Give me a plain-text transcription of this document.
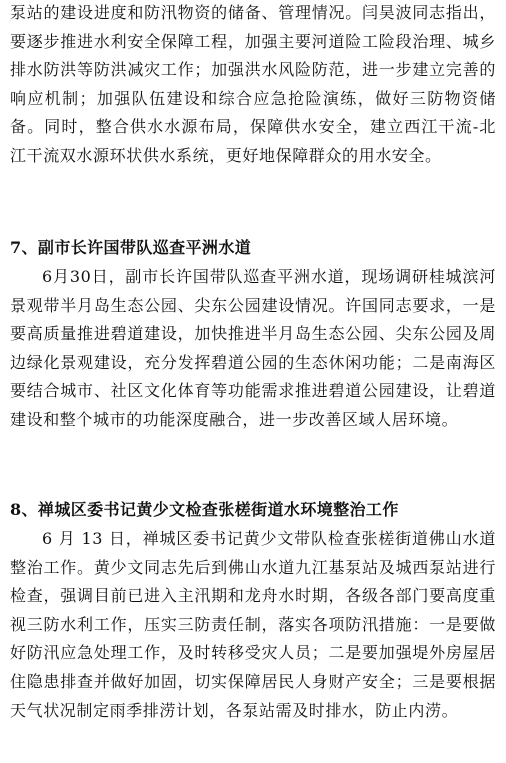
泵站的建设进度和防汛物资的储备、管理情况。闫昊波同志指出，要逐步推进水利安全保障工程，加强主要河道险工险段治理、城乡排水防洪等防洪减灾工作；加强洪水风险防范，进一步建立完善的响应机制；加强队伍建设和综合应急抢险演练，做好三防物资储备。同时，整合供水水源布局，保障供水安全，建立西江干流-北江干流双水源环状供水系统，更好地保障群众的用水安全。

7、副市长许国带队巡查平洲水道

6月30日，副市长许国带队巡查平洲水道，现场调研桂城滨河景观带半月岛生态公园、尖东公园建设情况。许国同志要求，一是要高质量推进碧道建设，加快推进半月岛生态公园、尖东公园及周边绿化景观建设，充分发挥碧道公园的生态休闲功能；二是南海区要结合城市、社区文化体育等功能需求推进碧道公园建设，让碧道建设和整个城市的功能深度融合，进一步改善区域人居环境。

8、禅城区委书记黄少文检查张槎街道水环境整治工作

6 月 13 日，禅城区委书记黄少文带队检查张槎街道佛山水道整治工作。黄少文同志先后到佛山水道九江基泵站及城西泵站进行检查，强调目前已进入主汛期和龙舟水时期，各级各部门要高度重视三防水利工作，压实三防责任制，落实各项防汛措施：一是要做好防汛应急处理工作，及时转移受灾人员；二是要加强堤外房屋居住隐患排查并做好加固，切实保障居民人身财产安全；三是要根据天气状况制定雨季排涝计划，各泵站需及时排水，防止内涝。
